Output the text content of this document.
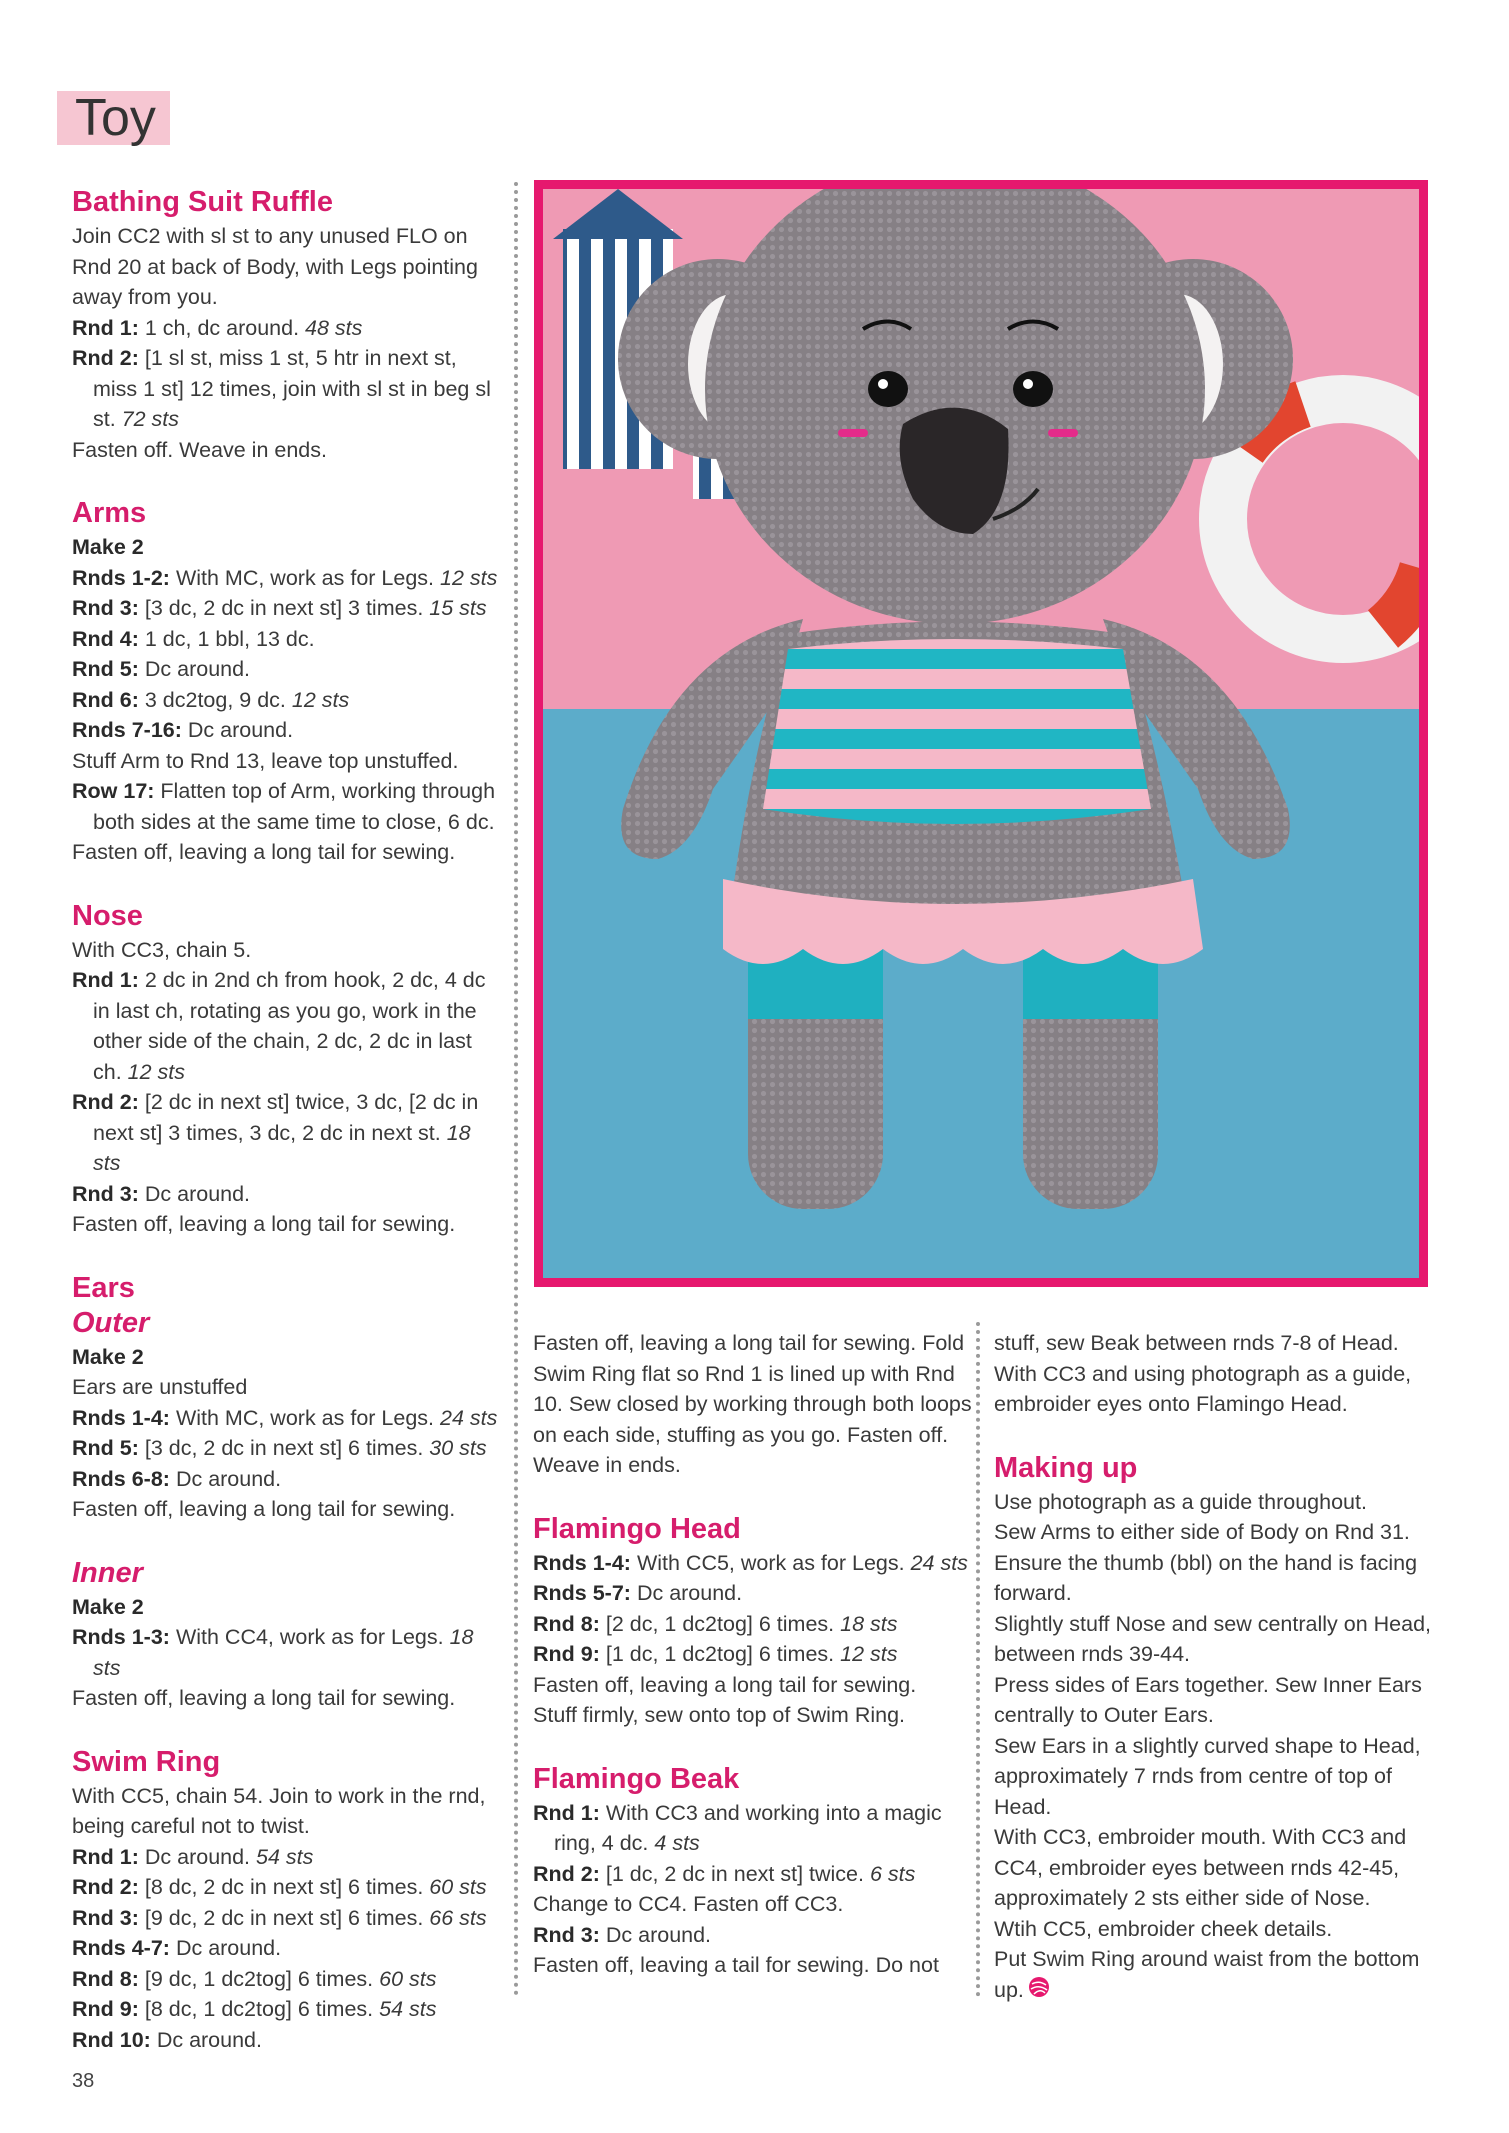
Toy
Bathing Suit Ruffle

Join CC2 with sl st to any unused FLO on Rnd 20 at back of Body, with Legs pointing away from you.

Rnd 1: 1 ch, dc around. 48 sts

Rnd 2: [1 sl st, miss 1 st, 5 htr in next st, miss 1 st] 12 times, join with sl st in beg sl st. 72 sts

Fasten off. Weave in ends.

Arms

Make 2

Rnds 1-2: With MC, work as for Legs. 12 sts

Rnd 3: [3 dc, 2 dc in next st] 3 times. 15 sts

Rnd 4: 1 dc, 1 bbl, 13 dc.

Rnd 5: Dc around.

Rnd 6: 3 dc2tog, 9 dc. 12 sts

Rnds 7-16: Dc around.

Stuff Arm to Rnd 13, leave top unstuffed.

Row 17: Flatten top of Arm, working through both sides at the same time to close, 6 dc.

Fasten off, leaving a long tail for sewing.

Nose

With CC3, chain 5.

Rnd 1: 2 dc in 2nd ch from hook, 2 dc, 4 dc in last ch, rotating as you go, work in the other side of the chain, 2 dc, 2 dc in last ch. 12 sts

Rnd 2: [2 dc in next st] twice, 3 dc, [2 dc in next st] 3 times, 3 dc, 2 dc in next st. 18 sts

Rnd 3: Dc around.

Fasten off, leaving a long tail for sewing.

Ears
Outer

Make 2

Ears are unstuffed

Rnds 1-4: With MC, work as for Legs. 24 sts

Rnd 5: [3 dc, 2 dc in next st] 6 times. 30 sts

Rnds 6-8: Dc around.

Fasten off, leaving a long tail for sewing.

Inner

Make 2

Rnds 1-3: With CC4, work as for Legs. 18 sts

Fasten off, leaving a long tail for sewing.

Swim Ring

With CC5, chain 54. Join to work in the rnd, being careful not to twist.

Rnd 1: Dc around. 54 sts

Rnd 2: [8 dc, 2 dc in next st] 6 times. 60 sts

Rnd 3: [9 dc, 2 dc in next st] 6 times. 66 sts

Rnds 4-7: Dc around.

Rnd 8: [9 dc, 1 dc2tog] 6 times. 60 sts

Rnd 9: [8 dc, 1 dc2tog] 6 times. 54 sts

Rnd 10: Dc around.

Fasten off, leaving a long tail for sewing. Fold Swim Ring flat so Rnd 1 is lined up with Rnd 10. Sew closed by working through both loops on each side, stuffing as you go. Fasten off. Weave in ends.

Flamingo Head

Rnds 1-4: With CC5, work as for Legs. 24 sts

Rnds 5-7: Dc around.

Rnd 8: [2 dc, 1 dc2tog] 6 times. 18 sts

Rnd 9: [1 dc, 1 dc2tog] 6 times. 12 sts

Fasten off, leaving a long tail for sewing.

Stuff firmly, sew onto top of Swim Ring.

Flamingo Beak

Rnd 1: With CC3 and working into a magic ring, 4 dc. 4 sts

Rnd 2: [1 dc, 2 dc in next st] twice. 6 sts

Change to CC4. Fasten off CC3.

Rnd 3: Dc around.

Fasten off, leaving a tail for sewing. Do not

stuff, sew Beak between rnds 7-8 of Head. With CC3 and using photograph as a guide, embroider eyes onto Flamingo Head.

Making up

Use photograph as a guide throughout.

Sew Arms to either side of Body on Rnd 31. Ensure the thumb (bbl) on the hand is facing forward.

Slightly stuff Nose and sew centrally on Head, between rnds 39-44.

Press sides of Ears together. Sew Inner Ears centrally to Outer Ears.

Sew Ears in a slightly curved shape to Head, approximately 7 rnds from centre of top of Head.

With CC3, embroider mouth. With CC3 and CC4, embroider eyes between rnds 42-45, approximately 2 sts either side of Nose.

Wtih CC5, embroider cheek details.

Put Swim Ring around waist from the bottom up.

38
